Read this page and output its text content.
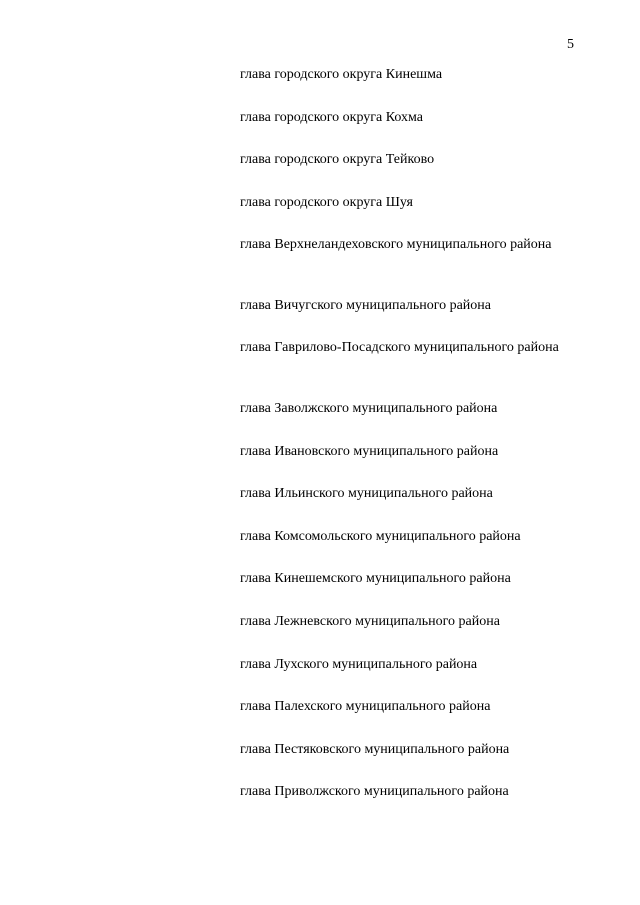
5

глава городского округа Кинешма

глава городского округа Кохма

глава городского округа Тейково

глава городского округа Шуя

глава Верхнеландеховского муниципального района

глава Вичугского муниципального района

глава Гаврилово-Посадского муниципального района

глава Заволжского муниципального района

глава Ивановского муниципального района

глава Ильинского муниципального района

глава Комсомольского муниципального района

глава Кинешемского муниципального района

глава Лежневского муниципального района

глава Лухского муниципального района

глава Палехского муниципального района

глава Пестяковского муниципального района

глава Приволжского муниципального района
